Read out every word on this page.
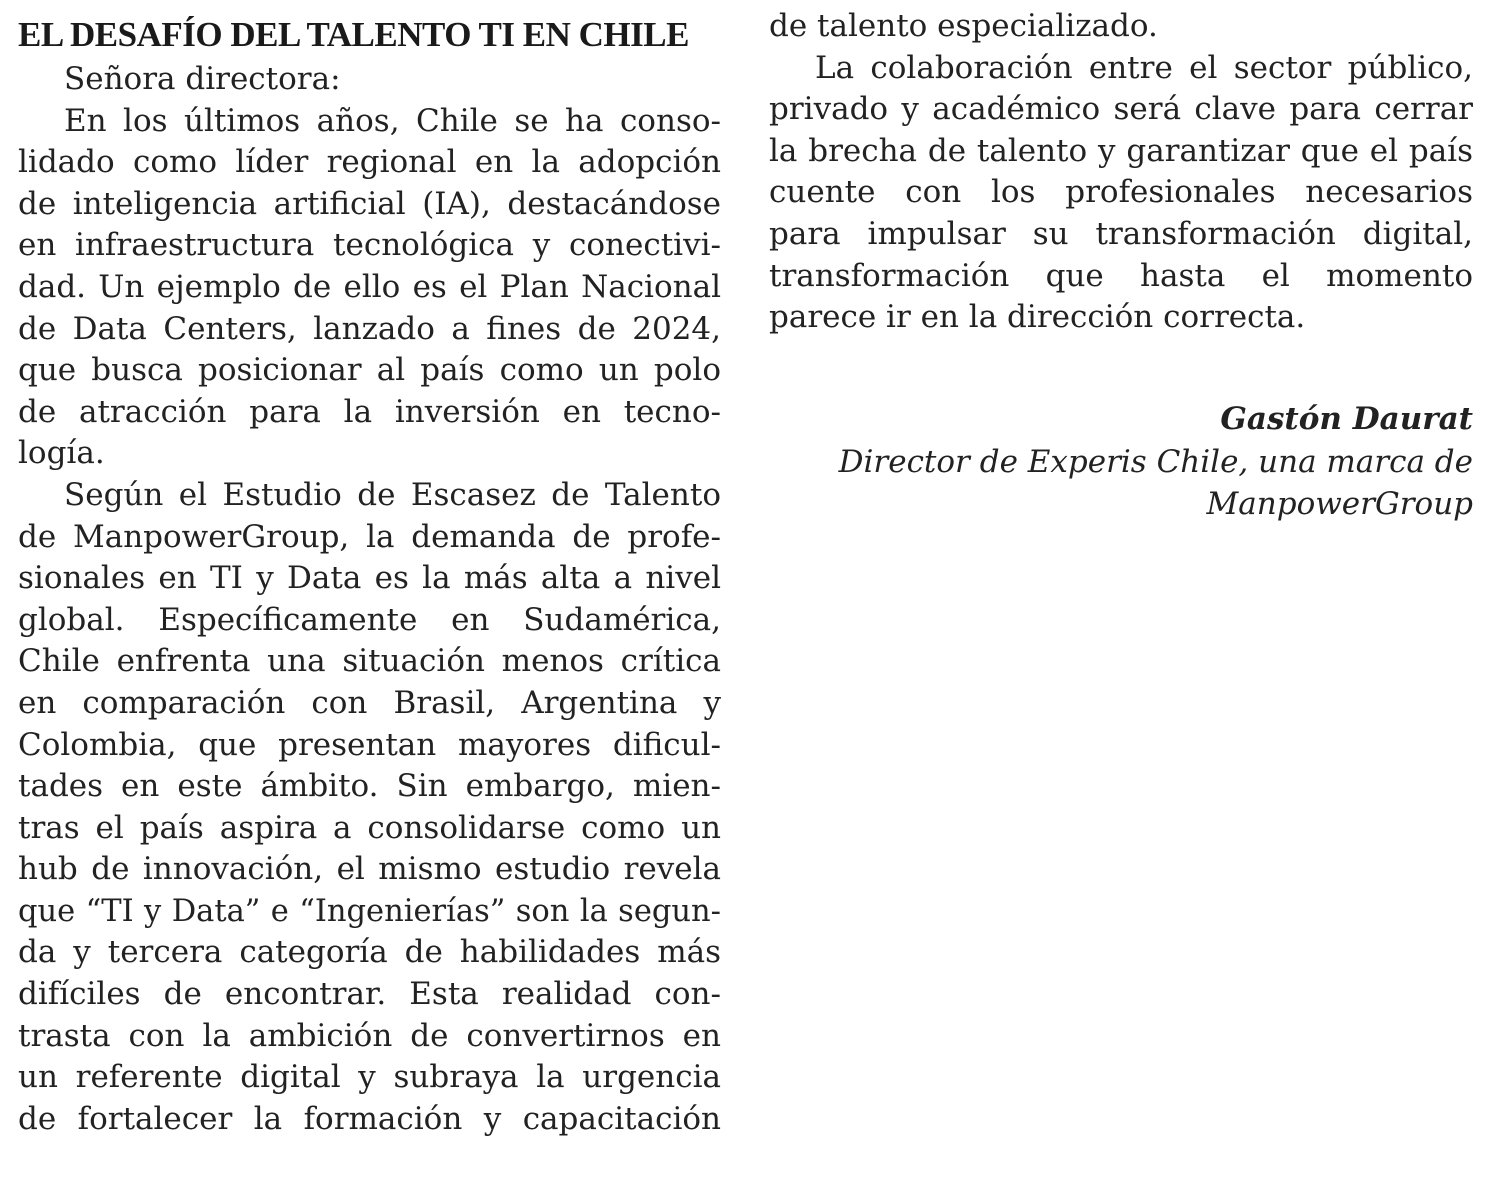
EL DESAFÍO DEL TALENTO TI EN CHILE
Señora directora:
En los últimos años, Chile se ha conso-
lidado como líder regional en la adopción
de inteligencia artificial (IA), destacándose
en infraestructura tecnológica y conectivi-
dad. Un ejemplo de ello es el Plan Nacional
de Data Centers, lanzado a fines de 2024,
que busca posicionar al país como un polo
de atracción para la inversión en tecno-
logía.
Según el Estudio de Escasez de Talento
de ManpowerGroup, la demanda de profe-
sionales en TI y Data es la más alta a nivel
global. Específicamente en Sudamérica,
Chile enfrenta una situación menos crítica
en comparación con Brasil, Argentina y
Colombia, que presentan mayores dificul-
tades en este ámbito. Sin embargo, mien-
tras el país aspira a consolidarse como un
hub de innovación, el mismo estudio revela
que “TI y Data” e “Ingenierías” son la segun-
da y tercera categoría de habilidades más
difíciles de encontrar. Esta realidad con-
trasta con la ambición de convertirnos en
un referente digital y subraya la urgencia
de fortalecer la formación y capacitación
de talento especializado.
La colaboración entre el sector público,
privado y académico será clave para cerrar
la brecha de talento y garantizar que el país
cuente con los profesionales necesarios
para impulsar su transformación digital,
transformación que hasta el momento
parece ir en la dirección correcta.
Gastón Daurat
Director de Experis Chile, una marca de
ManpowerGroup
